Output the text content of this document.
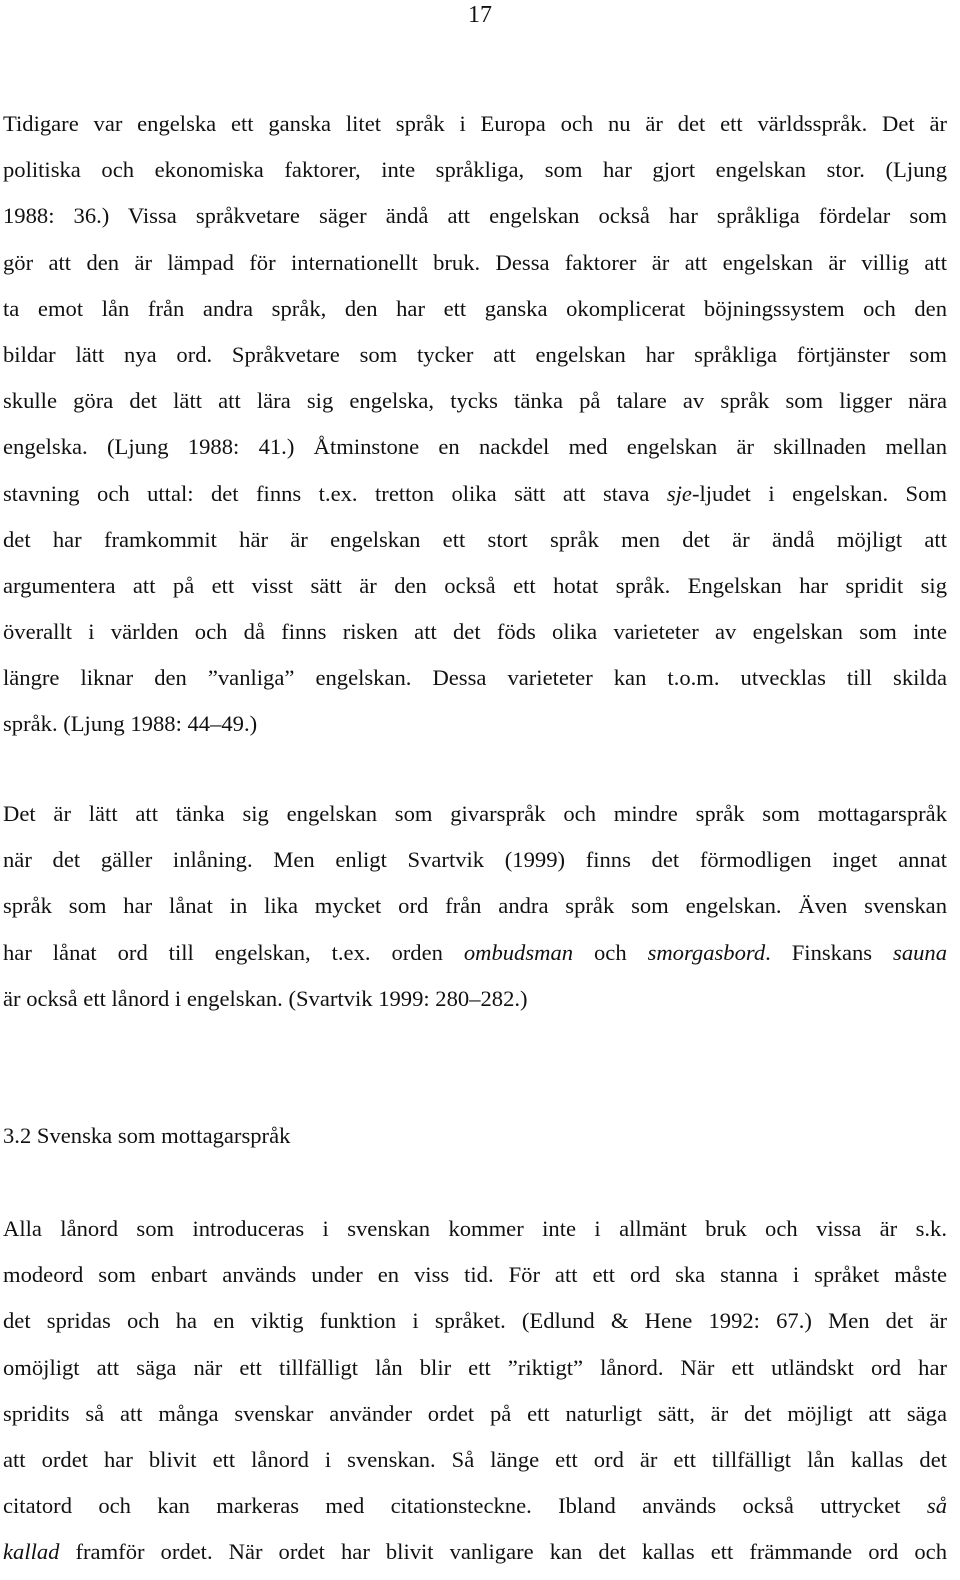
17
Tidigare var engelska ett ganska litet språk i Europa och nu är det ett världsspråk. Det är
politiska och ekonomiska faktorer, inte språkliga, som har gjort engelskan stor. (Ljung
1988: 36.) Vissa språkvetare säger ändå att engelskan också har språkliga fördelar som
gör att den är lämpad för internationellt bruk. Dessa faktorer är att engelskan är villig att
ta emot lån från andra språk, den har ett ganska okomplicerat böjningssystem och den
bildar lätt nya ord. Språkvetare som tycker att engelskan har språkliga förtjänster som
skulle göra det lätt att lära sig engelska, tycks tänka på talare av språk som ligger nära
engelska. (Ljung 1988: 41.) Åtminstone en nackdel med engelskan är skillnaden mellan
stavning och uttal: det finns t.ex. tretton olika sätt att stava sje-ljudet i engelskan. Som
det har framkommit här är engelskan ett stort språk men det är ändå möjligt att
argumentera att på ett visst sätt är den också ett hotat språk. Engelskan har spridit sig
överallt i världen och då finns risken att det föds olika varieteter av engelskan som inte
längre liknar den ”vanliga” engelskan. Dessa varieteter kan t.o.m. utvecklas till skilda
språk. (Ljung 1988: 44–49.)
Det är lätt att tänka sig engelskan som givarspråk och mindre språk som mottagarspråk
när det gäller inlåning. Men enligt Svartvik (1999) finns det förmodligen inget annat
språk som har lånat in lika mycket ord från andra språk som engelskan. Även svenskan
har lånat ord till engelskan, t.ex. orden ombudsman och smorgasbord. Finskans sauna
är också ett lånord i engelskan. (Svartvik 1999: 280–282.)
3.2 Svenska som mottagarspråk
Alla lånord som introduceras i svenskan kommer inte i allmänt bruk och vissa är s.k.
modeord som enbart används under en viss tid. För att ett ord ska stanna i språket måste
det spridas och ha en viktig funktion i språket. (Edlund & Hene 1992: 67.) Men det är
omöjligt att säga när ett tillfälligt lån blir ett ”riktigt” lånord. När ett utländskt ord har
spridits så att många svenskar använder ordet på ett naturligt sätt, är det möjligt att säga
att ordet har blivit ett lånord i svenskan. Så länge ett ord är ett tillfälligt lån kallas det
citatord och kan markeras med citationsteckne. Ibland används också uttrycket så
kallad framför ordet. När ordet har blivit vanligare kan det kallas ett främmande ord och
